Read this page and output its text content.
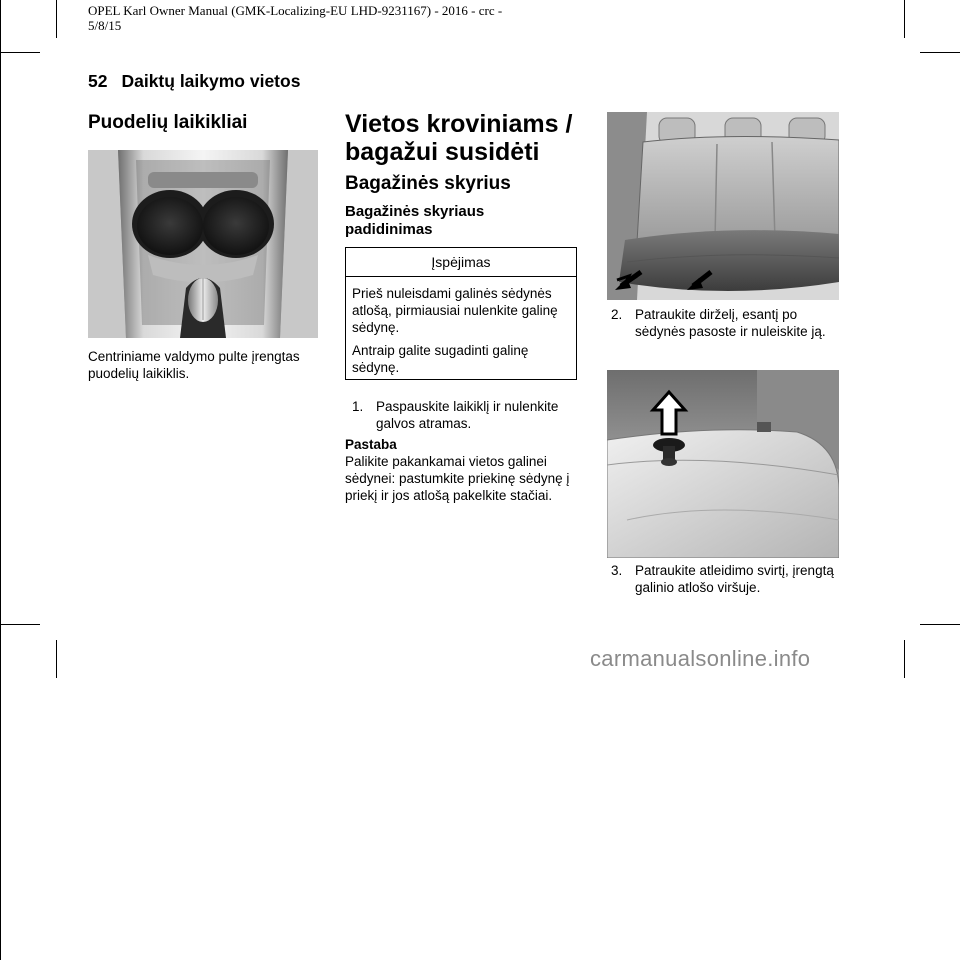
OPEL Karl Owner Manual (GMK-Localizing-EU LHD-9231167) - 2016 - crc -
5/8/15
52 Daiktų laikymo vietos
Puodelių laikikliai
Centriniame valdymo pulte įrengtas puodelių laikiklis.
Vietos kroviniams / bagažui susidėti
Bagažinės skyrius
Bagažinės skyriaus padidinimas
Įspėjimas
Prieš nuleisdami galinės sėdynės atlošą, pirmiausiai nulenkite galinę sėdynę.
Antraip galite sugadinti galinę sėdynę.
1. Paspauskite laikiklį ir nulenkite galvos atramas.
Pastaba
Palikite pakankamai vietos galinei sėdynei: pastumkite priekinę sėdynę į priekį ir jos atlošą pakelkite stačiai.
2. Patraukite dirželį, esantį po sėdynės pasoste ir nuleiskite ją.
3. Patraukite atleidimo svirtį, įrengtą galinio atlošo viršuje.
carmanualsonline.info
